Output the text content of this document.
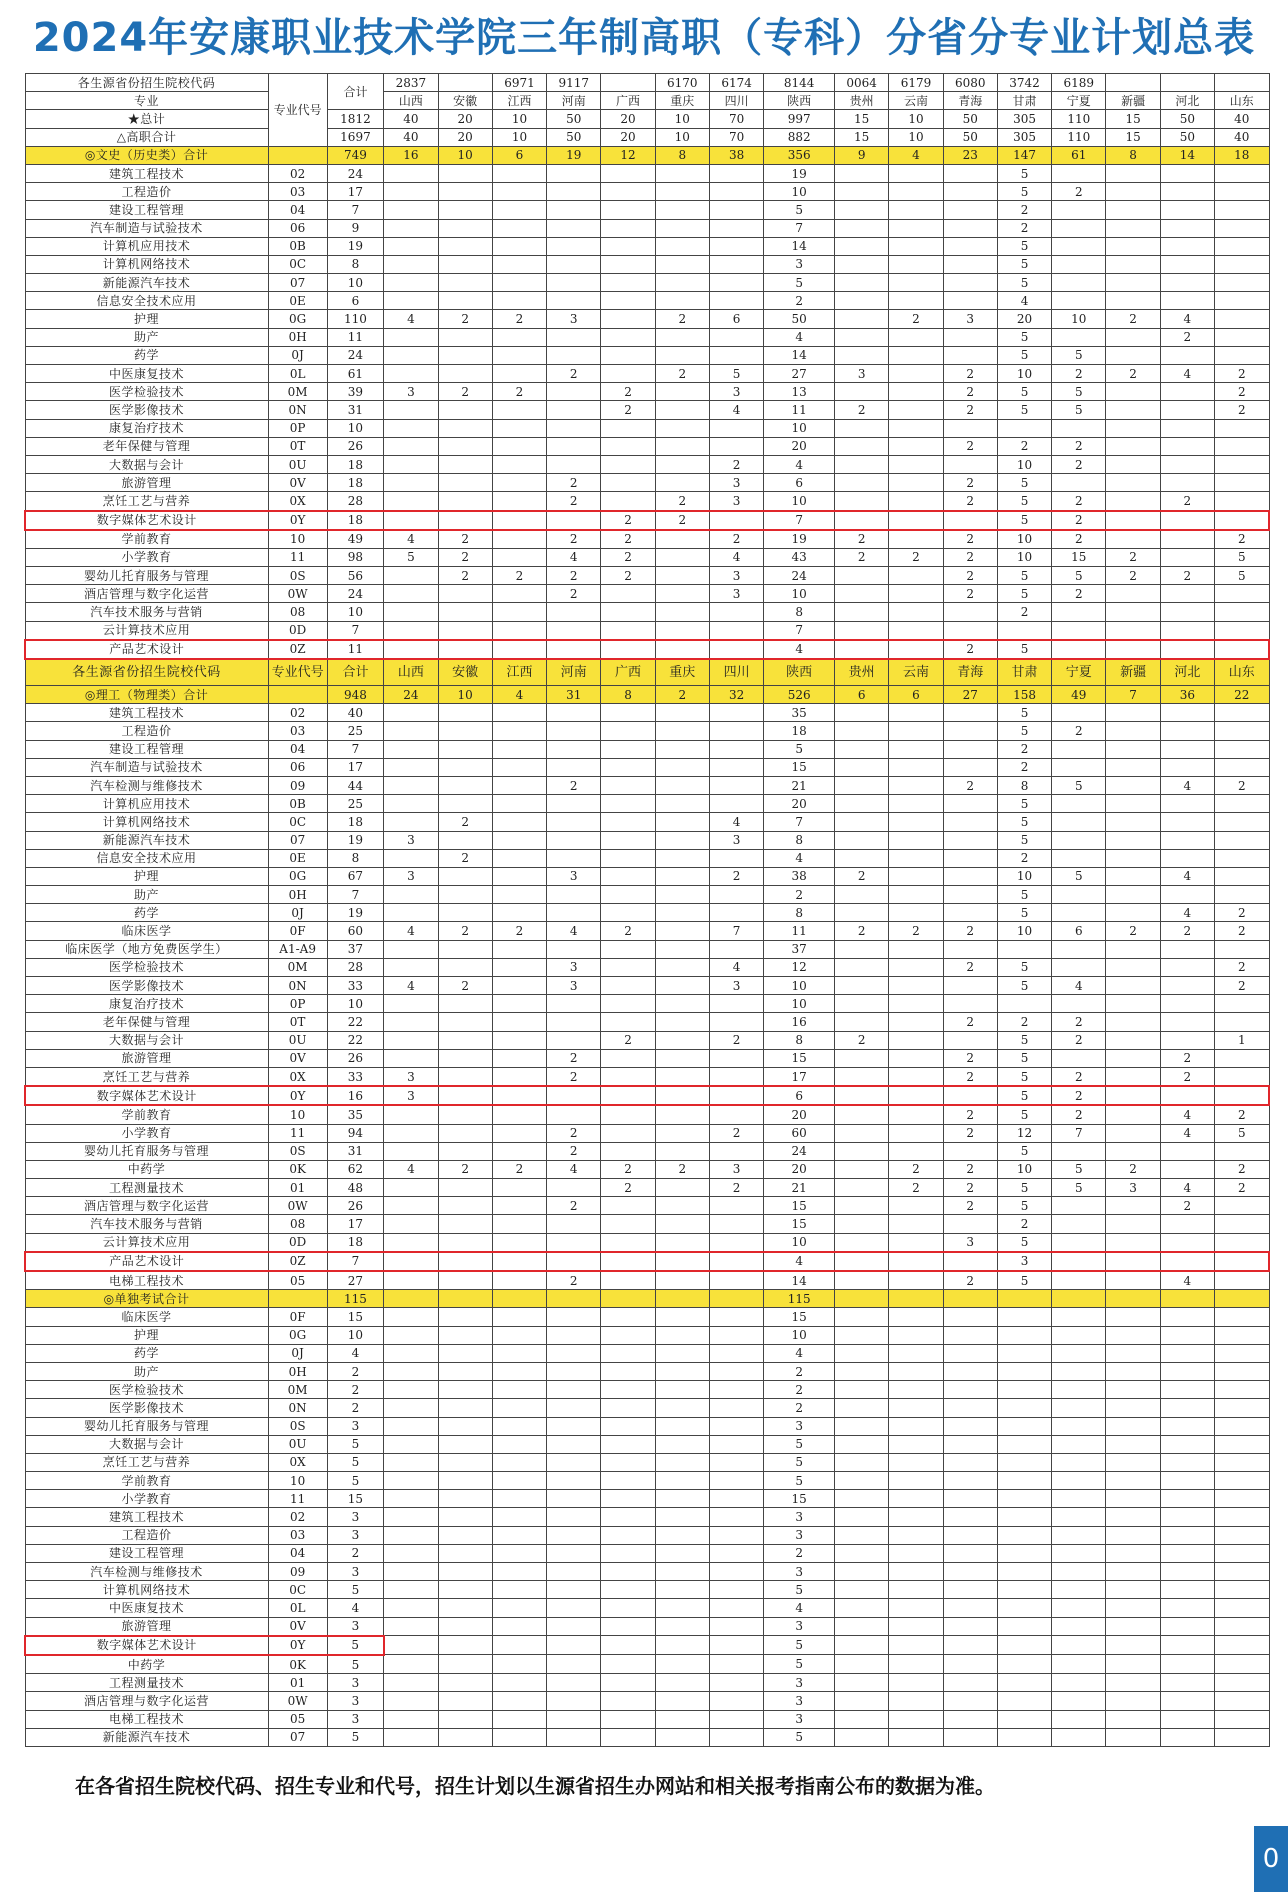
2024年安康职业技术学院三年制高职（专科）分省分专业计划总表
各生源省份招生院校代码	专业代号	合计	2837		6971	9117		6170	6174	8144	0064	6179	6080	3742	6189			
专业			山西	安徽	江西	河南	广西	重庆	四川	陕西	贵州	云南	青海	甘肃	宁夏	新疆	河北	山东
★总计		1812	40	20	10	50	20	10	70	997	15	10	50	305	110	15	50	40
△高职合计		1697	40	20	10	50	20	10	70	882	15	10	50	305	110	15	50	40
◎文史（历史类）合计		749	16	10	6	19	12	8	38	356	9	4	23	147	61	8	14	18
建筑工程技术	02	24								19				5				
工程造价	03	17								10				5	2			
建设工程管理	04	7								5				2				
汽车制造与试验技术	06	9								7				2				
计算机应用技术	0B	19								14				5				
计算机网络技术	0C	8								3				5				
新能源汽车技术	07	10								5				5				
信息安全技术应用	0E	6								2				4				
护理	0G	110	4	2	2	3		2	6	50		2	3	20	10	2	4	
助产	0H	11								4				5			2	
药学	0J	24								14				5	5			
中医康复技术	0L	61				2		2	5	27	3		2	10	2	2	4	2
医学检验技术	0M	39	3	2	2		2		3	13			2	5	5			2
医学影像技术	0N	31					2		4	11	2		2	5	5			2
康复治疗技术	0P	10								10								
老年保健与管理	0T	26								20			2	2	2			
大数据与会计	0U	18							2	4				10	2			
旅游管理	0V	18				2			3	6			2	5				
烹饪工艺与营养	0X	28				2		2	3	10			2	5	2		2	
数字媒体艺术设计	0Y	18					2	2		7				5	2			
学前教育	10	49	4	2		2	2		2	19	2		2	10	2			2
小学教育	11	98	5	2		4	2		4	43	2	2	2	10	15	2		5
婴幼儿托育服务与管理	0S	56		2	2	2	2		3	24			2	5	5	2	2	5
酒店管理与数字化运营	0W	24				2			3	10			2	5	2			
汽车技术服务与营销	08	10								8				2				
云计算技术应用	0D	7								7								
产品艺术设计	0Z	11								4			2	5				
各生源省份招生院校代码	专业代号	合计	山西	安徽	江西	河南	广西	重庆	四川	陕西	贵州	云南	青海	甘肃	宁夏	新疆	河北	山东
◎理工（物理类）合计		948	24	10	4	31	8	2	32	526	6	6	27	158	49	7	36	22
建筑工程技术	02	40								35				5				
工程造价	03	25								18				5	2			
建设工程管理	04	7								5				2				
汽车制造与试验技术	06	17								15				2				
汽车检测与维修技术	09	44				2				21			2	8	5		4	2
计算机应用技术	0B	25								20				5				
计算机网络技术	0C	18		2					4	7				5				
新能源汽车技术	07	19	3						3	8				5				
信息安全技术应用	0E	8		2						4				2				
护理	0G	67	3			3			2	38	2			10	5		4	
助产	0H	7								2				5				
药学	0J	19								8				5			4	2
临床医学	0F	60	4	2	2	4	2		7	11	2	2	2	10	6	2	2	2
临床医学（地方免费医学生）	A1-A9	37								37								
医学检验技术	0M	28				3			4	12			2	5				2
医学影像技术	0N	33	4	2		3			3	10				5	4			2
康复治疗技术	0P	10								10								
老年保健与管理	0T	22								16			2	2	2			
大数据与会计	0U	22					2		2	8	2			5	2			1
旅游管理	0V	26				2				15			2	5			2	
烹饪工艺与营养	0X	33	3			2				17			2	5	2		2	
数字媒体艺术设计	0Y	16	3							6				5	2			
学前教育	10	35								20			2	5	2		4	2
小学教育	11	94				2			2	60			2	12	7		4	5
婴幼儿托育服务与管理	0S	31				2				24				5				
中药学	0K	62	4	2	2	4	2	2	3	20		2	2	10	5	2		2
工程测量技术	01	48					2		2	21		2	2	5	5	3	4	2
酒店管理与数字化运营	0W	26				2				15			2	5			2	
汽车技术服务与营销	08	17								15				2				
云计算技术应用	0D	18								10			3	5				
产品艺术设计	0Z	7								4				3				
电梯工程技术	05	27				2				14			2	5			4	
◎单独考试合计		115								115								
临床医学	0F	15								15								
护理	0G	10								10								
药学	0J	4								4								
助产	0H	2								2								
医学检验技术	0M	2								2								
医学影像技术	0N	2								2								
婴幼儿托育服务与管理	0S	3								3								
大数据与会计	0U	5								5								
烹饪工艺与营养	0X	5								5								
学前教育	10	5								5								
小学教育	11	15								15								
建筑工程技术	02	3								3								
工程造价	03	3								3								
建设工程管理	04	2								2								
汽车检测与维修技术	09	3								3								
计算机网络技术	0C	5								5								
中医康复技术	0L	4								4								
旅游管理	0V	3								3								
数字媒体艺术设计	0Y	5								5								
中药学	0K	5								5								
工程测量技术	01	3								3								
酒店管理与数字化运营	0W	3								3								
电梯工程技术	05	3								3								
新能源汽车技术	07	5								5								
在各省招生院校代码、招生专业和代号，招生计划以生源省招生办网站和相关报考指南公布的数据为准。
0
